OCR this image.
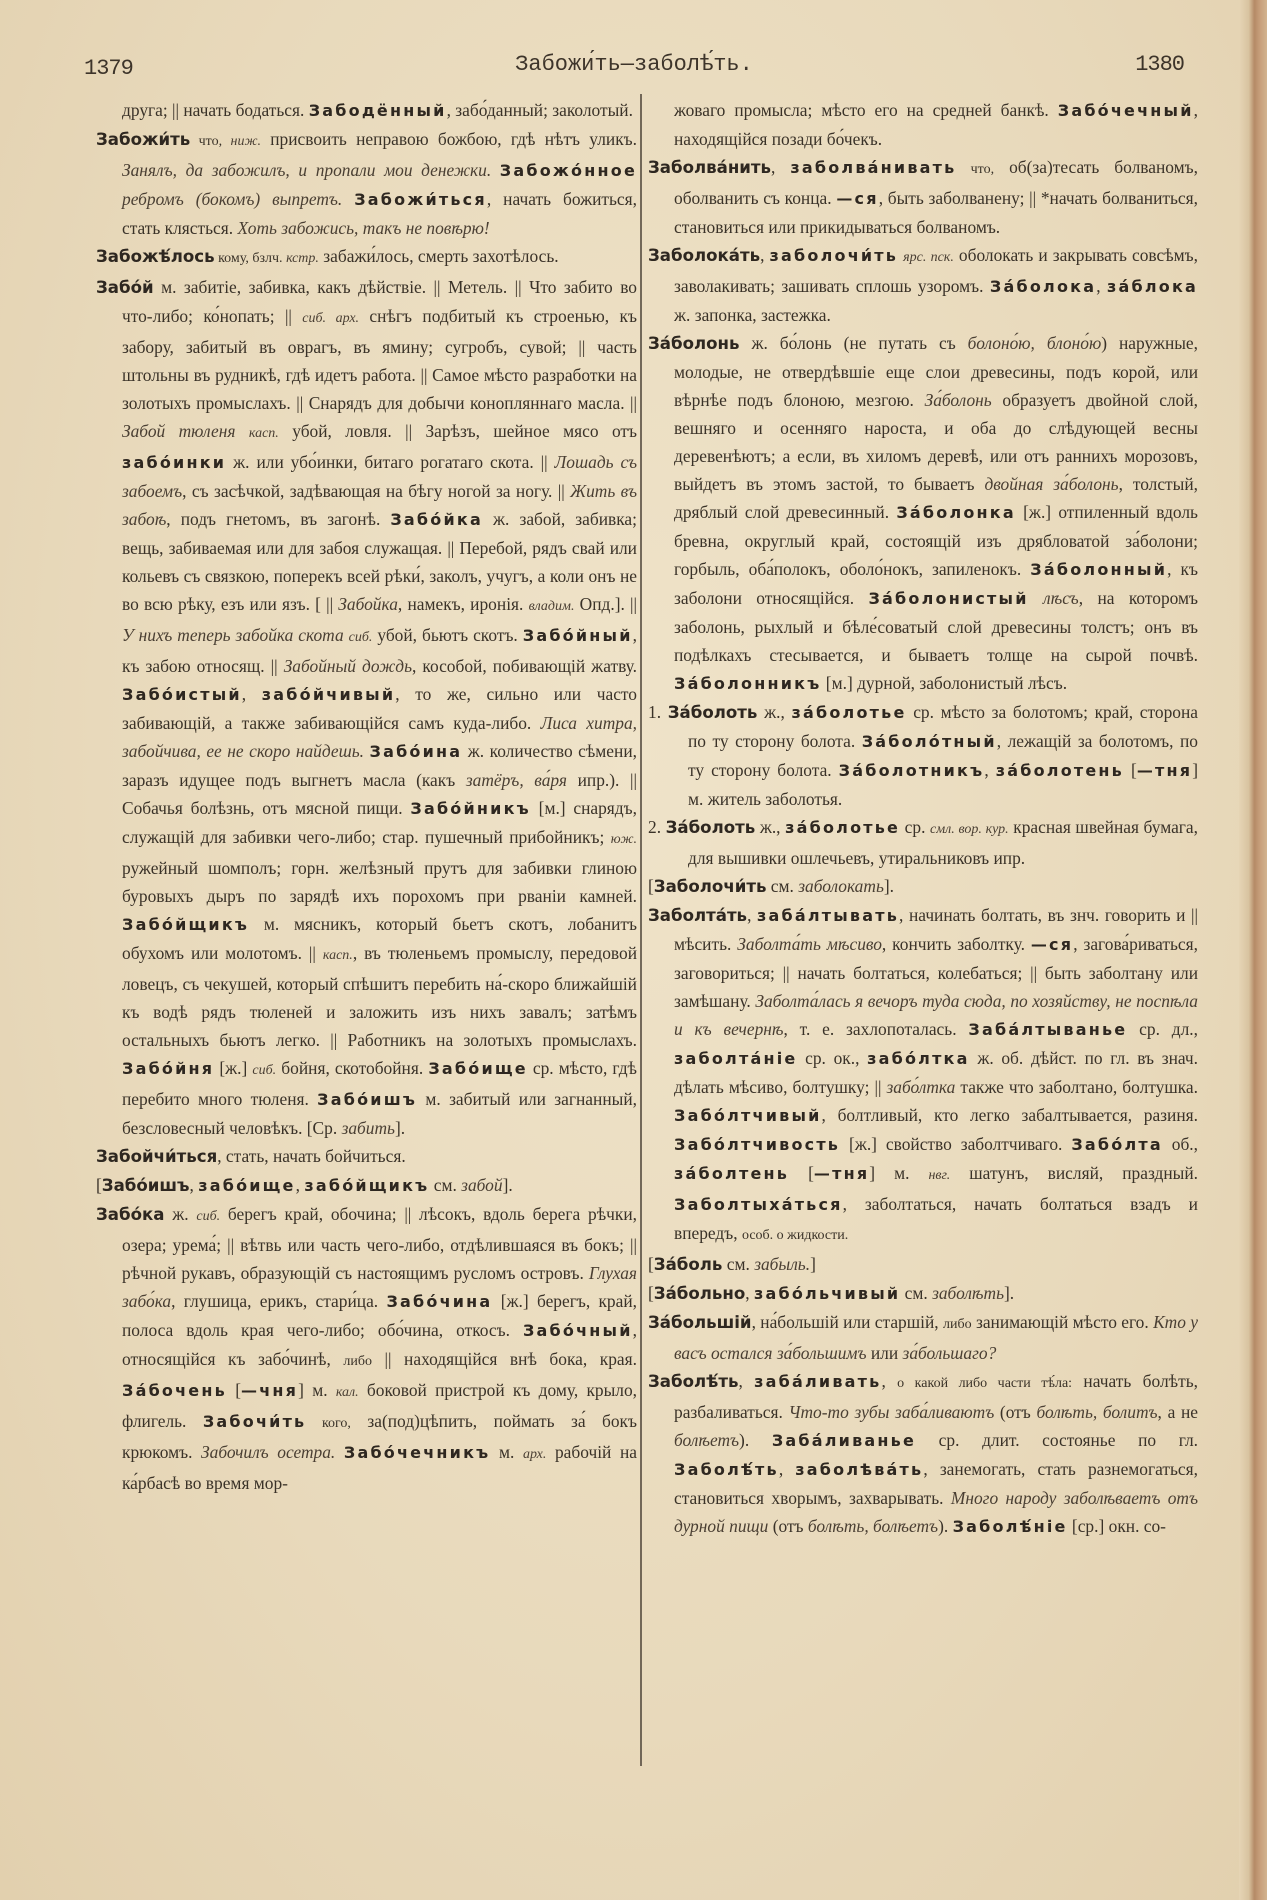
1379	Забожи́ть—заболѣ́ть.	1380

друга; || начать бодаться. Забодённый, забо́данный; заколотый.

Забожи́ть что, ниж. присвоить неправою божбою, гдѣ нѣтъ уликъ. Занялъ, да забожилъ, и пропали мои денежки. Забожо́нное ребромъ (бокомъ) выпретъ. Забожи́ться, начать божиться, стать клясться. Хоть забожись, такъ не повѣрю!

Забожѣ́лось кому, бзлч. кстр. забажи́лось, смерть захотѣлось.

Забо́й м. забитіе, забивка, какъ дѣйствіе. || Метель. || Что забито во что-либо; ко́нопать; || сиб. арх. снѣгъ подбитый къ строенью, къ забору, забитый въ оврагъ, въ ямину; сугробъ, сувой; || часть штольны въ рудникѣ, гдѣ идетъ работа. || Самое мѣсто разработки на золотыхъ промыслахъ. || Снарядъ для добычи конопляннаго масла. || Забой тюленя касп. убой, ловля. || Зарѣзъ, шейное мясо отъ забо́инки ж. или убо́инки, битаго рогатаго скота. || Лошадь съ забоемъ, съ засѣчкой, задѣвающая на бѣгу ногой за ногу. || Жить въ забоѣ, подъ гнетомъ, въ загонѣ. Забо́йка ж. забой, забивка; вещь, забиваемая или для забоя служащая. || Перебой, рядъ свай или кольевъ съ связкою, поперекъ всей рѣки́, заколъ, учугъ, а коли онъ не во всю рѣку, езъ или язъ. [ || Забойка, намекъ, иронія. владим. Опд.]. || У нихъ теперь забойка скота сиб. убой, бьютъ скотъ. Забо́йный, къ забою относящ. || Забойный дождь, кособой, побивающій жатву. Забо́истый, забо́йчивый, то же, сильно или часто забивающій, а также забивающійся самъ куда-либо. Лиса хитра, забойчива, ее не скоро найдешь. Забо́ина ж. количество сѣмени, заразъ идущее подъ выгнетъ масла (какъ затёръ, ва́ря ипр.). || Собачья болѣзнь, отъ мясной пищи. Забо́йникъ [м.] снарядъ, служащій для забивки чего-либо; стар. пушечный прибойникъ; юж. ружейный шомполъ; горн. желѣзный прутъ для забивки глиною буровыхъ дыръ по зарядѣ ихъ порохомъ при рваніи камней. Забо́йщикъ м. мясникъ, который бьетъ скотъ, лобанитъ обухомъ или молотомъ. || касп., въ тюленьемъ промыслу, передовой ловецъ, съ чекушей, который спѣшитъ перебить на́-скоро ближайшій къ водѣ рядъ тюленей и заложить изъ нихъ завалъ; затѣмъ остальныхъ бьютъ легко. || Работникъ на золотыхъ промыслахъ. Забо́йня [ж.] сиб. бойня, скотобойня. Забо́ище ср. мѣсто, гдѣ перебито много тюленя. Забо́ишъ м. забитый или загнанный, безсловесный человѣкъ. [Ср. забить].

Забойчи́ться, стать, начать бойчиться.

[Забо́ишъ, забо́ище, забо́йщикъ см. забой].

Забо́ка ж. сиб. берегъ край, обочина; || лѣсокъ, вдоль берега рѣчки, озера; урема́; || вѣтвь или часть чего-либо, отдѣлившаяся въ бокъ; || рѣчной рукавъ, образующій съ настоящимъ русломъ островъ. Глухая забо́ка, глушица, ерикъ, стари́ца. Забо́чина [ж.] берегъ, край, полоса вдоль края чего-либо; обо́чина, откосъ. Забо́чный, относящійся къ забо́чинѣ, либо || находящійся внѣ бока, края. За́бочень [—чня] м. кал. боковой пристрой къ дому, крыло, флигель. Забочи́ть кого, за(под)цѣпить, поймать за́ бокъ крюкомъ. Забочилъ осетра. Забо́чечникъ м. арх. рабочій на ка́рбасѣ во время мор-

жоваго промысла; мѣсто его на средней банкѣ. Забо́чечный, находящійся позади бо́чекъ.

Заболва́нить, заболва́нивать что, об(за)тесать болваномъ, оболванить съ конца. —ся, быть заболванену; || *начать болваниться, становиться или прикидываться болваномъ.

Заболока́ть, заболочи́ть ярс. пск. оболокать и закрывать совсѣмъ, заволакивать; зашивать сплошь узоромъ. За́болока, за́блока ж. запонка, застежка.

За́болонь ж. бо́лонь (не путать съ болоно́ю, блоно́ю) наружные, молодые, не отвердѣвшіе еще слои древесины, подъ корой, или вѣрнѣе подъ блоною, мезгою. За́болонь образуетъ двойной слой, вешняго и осенняго нароста, и оба до слѣдующей весны деревенѣютъ; а если, въ хиломъ деревѣ, или отъ раннихъ морозовъ, выйдетъ въ этомъ застой, то бываетъ двойная за́болонь, толстый, дряблый слой древесинный. За́болонка [ж.] отпиленный вдоль бревна, округлый край, состоящій изъ дрябловатой за́болони; горбыль, оба́полокъ, оболо́нокъ, запиленокъ. За́болонный, къ заболони относящійся. За́болонистый лѣсъ, на которомъ заболонь, рыхлый и бѣле́соватый слой древесины толстъ; онъ въ подѣлкахъ стесывается, и бываетъ толще на сырой почвѣ. За́болонникъ [м.] дурной, заболонистый лѣсъ.

1. За́болоть ж., за́болотье ср. мѣсто за болотомъ; край, сторона по ту сторону болота. За́боло́тный, лежащій за болотомъ, по ту сторону болота. За́болотникъ, за́болотень [—тня] м. житель заболотья.

2. За́болоть ж., за́болотье ср. смл. вор. кур. красная швейная бумага, для вышивки ошлечьевъ, утиральниковъ ипр.

[Заболочи́ть см. заболокать].

Заболта́ть, заба́лтывать, начинать болтать, въ знч. говорить и || мѣсить. Заболта́ть мѣсиво, кончить заболтку. —ся, загова́риваться, заговориться; || начать болтаться, колебаться; || быть заболтану или замѣшану. Заболта́лась я вечоръ туда сюда, по хозяйству, не поспѣла и къ вечернѣ, т. е. захлопоталась. Заба́лтыванье ср. дл., заболта́ніе ср. ок., забо́лтка ж. об. дѣйст. по гл. въ знач. дѣлать мѣсиво, болтушку; || забо́лтка также что заболтано, болтушка. Забо́лтчивый, болтливый, кто легко забалтывается, разиня. Забо́лтчивость [ж.] свойство заболтчиваго. Забо́лта об., за́болтень [—тня] м. нвг. шатунъ, висляй, праздный. Заболтыха́ться, заболтаться, начать болтаться взадъ и впередъ, особ. о жидкости.

[За́боль см. забыль.]

[За́больно, забо́льчивый см. заболѣть].

За́большій, на́большій или старшій, либо занимающій мѣсто его. Кто у васъ остался за́большимъ или за́большаго?

Заболѣ́ть, заба́ливать, о какой либо части тѣ́ла: начать болѣть, разбаливаться. Что-то зубы заба́ливаютъ (отъ болѣть, болитъ, а не болѣетъ). Заба́ливанье ср. длит. состоянье по гл. Заболѣ́ть, заболѣва́ть, занемогать, стать разнемогаться, становиться хворымъ, захварывать. Много народу заболѣваетъ отъ дурной пищи (отъ болѣть, болѣетъ). Заболѣ́ніе [ср.] окн. со-
